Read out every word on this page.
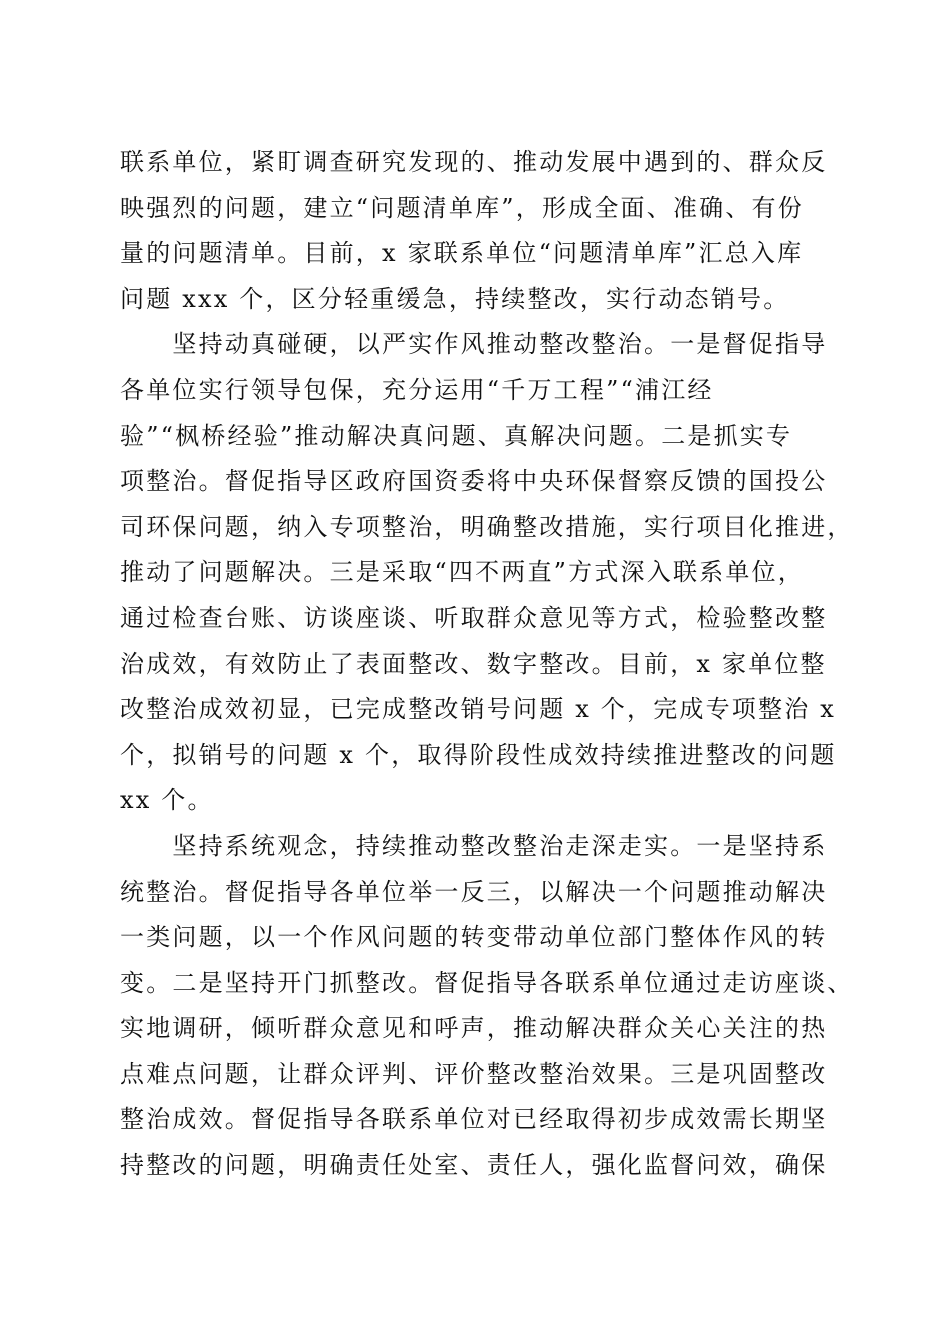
联系单位，紧盯调查研究发现的、推动发展中遇到的、群众反
映强烈的问题，建立“问题清单库”，形成全面、准确、有份
量的问题清单。目前，x 家联系单位“问题清单库”汇总入库
问题 xxx 个，区分轻重缓急，持续整改，实行动态销号。
　　坚持动真碰硬，以严实作风推动整改整治。一是督促指导
各单位实行领导包保，充分运用“千万工程”“浦江经
验”“枫桥经验”推动解决真问题、真解决问题。二是抓实专
项整治。督促指导区政府国资委将中央环保督察反馈的国投公
司环保问题，纳入专项整治，明确整改措施，实行项目化推进，
推动了问题解决。三是采取“四不两直”方式深入联系单位，
通过检查台账、访谈座谈、听取群众意见等方式，检验整改整
治成效，有效防止了表面整改、数字整改。目前，x 家单位整
改整治成效初显，已完成整改销号问题 x 个，完成专项整治 x
个，拟销号的问题 x 个，取得阶段性成效持续推进整改的问题
xx 个。
　　坚持系统观念，持续推动整改整治走深走实。一是坚持系
统整治。督促指导各单位举一反三，以解决一个问题推动解决
一类问题，以一个作风问题的转变带动单位部门整体作风的转
变。二是坚持开门抓整改。督促指导各联系单位通过走访座谈、
实地调研，倾听群众意见和呼声，推动解决群众关心关注的热
点难点问题，让群众评判、评价整改整治效果。三是巩固整改
整治成效。督促指导各联系单位对已经取得初步成效需长期坚
持整改的问题，明确责任处室、责任人，强化监督问效，确保
